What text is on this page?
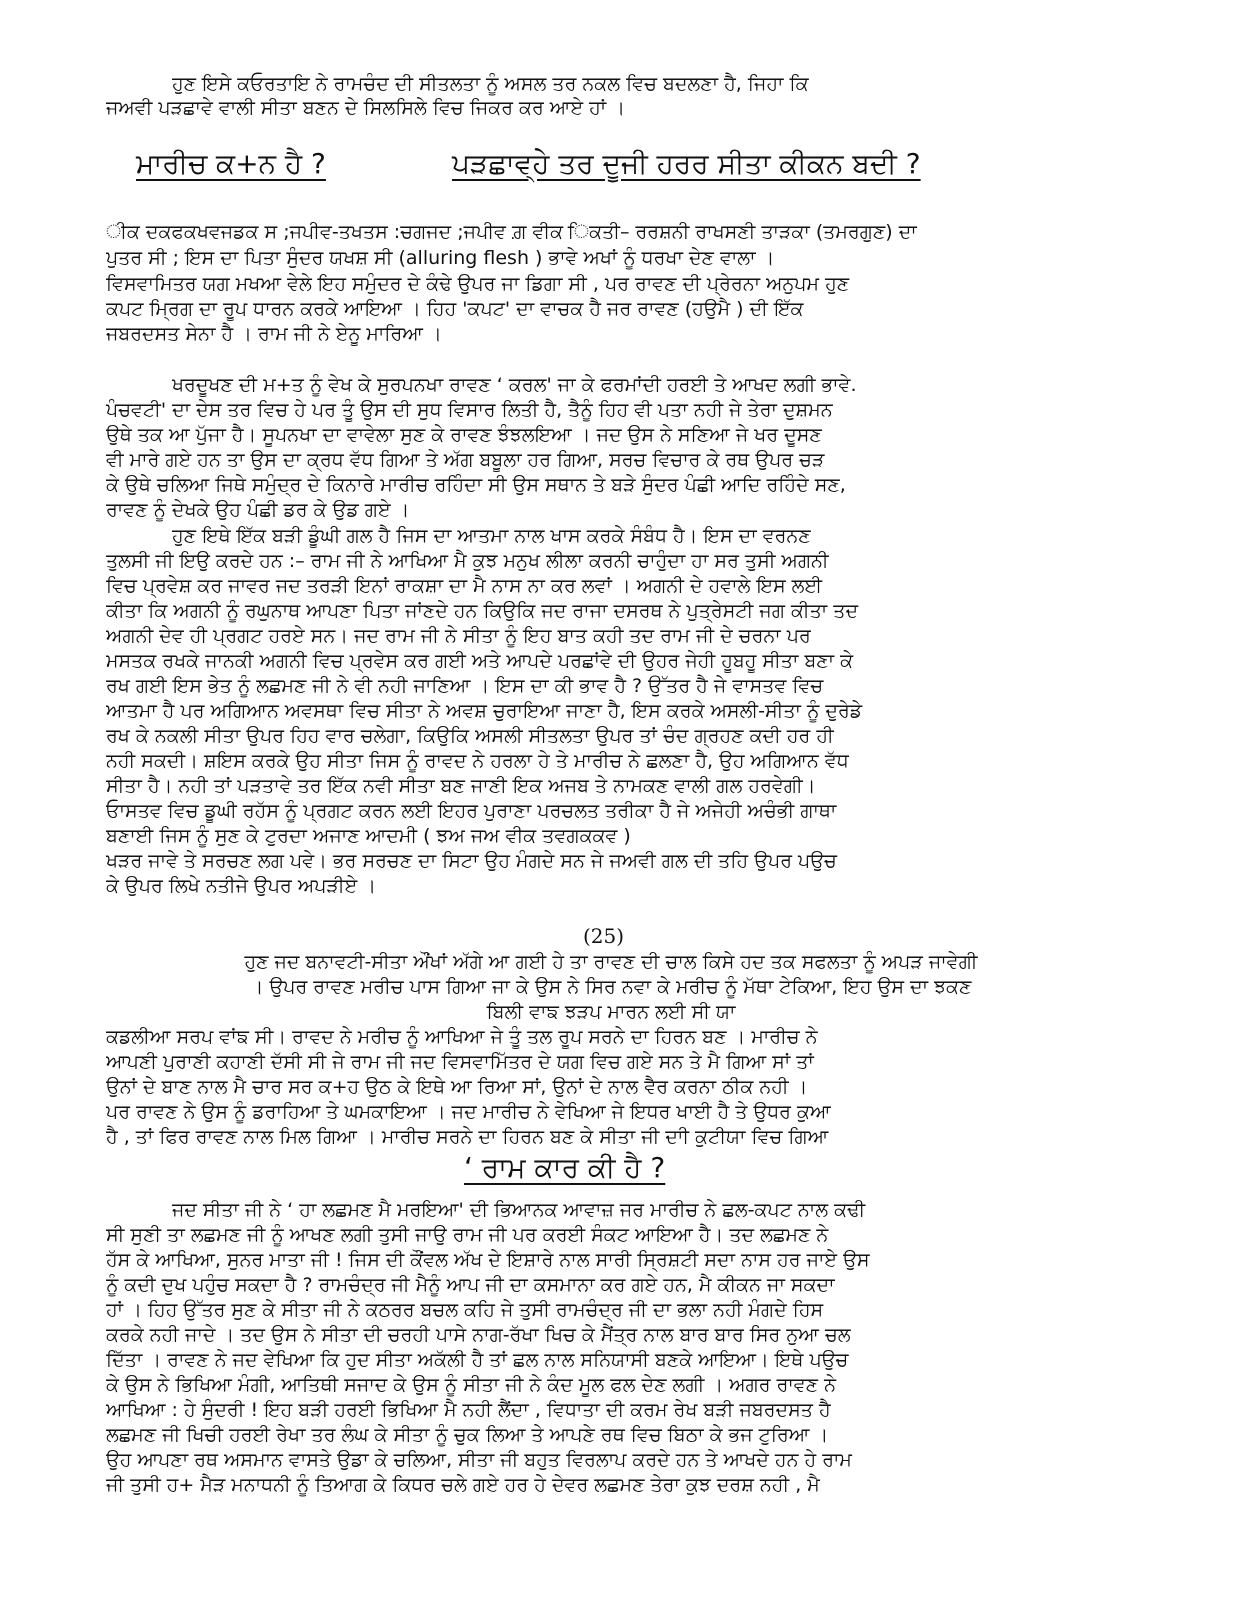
ਹੁਣ ਇਸੇ ਕਓਰਤਾਇ ਨੇ ਰਾਮਚੰਦ ਦੀ ਸੀਤਲਤਾ ਨੂੰ ਅਸਲ ਤਰ ਨਕਲ ਵਿਚ ਬਦਲਣਾ ਹੈ, ਜਿਹਾ ਕਿ
ਜਅਵੀ ਪੜਛਾਵੇ ਵਾਲੀ ਸੀਤਾ ਬਣਨ ਦੇ ਸਿਲਸਿਲੇ ਵਿਚ ਜਿਕਰ ਕਰ ਆਏ ਹਾਂ ।
ਮਾਰੀਚ ਕ+ਨ ਹੈ ?	ਪੜਛਾਵ੍ਹੇ ਤਰ ਦੂਜੀ ਹਰਰ ਸੀਤਾ ਕੀਕਨ ਬਦੀ ?
ੀਕ ਦਕਫਕਖਵਜਡਕ ਸ ;ਜਪੀਵ-ਤਖਤਸ :ਚਗਜਦ ;ਜਪੀਵ ਗ਼ ਵੀਕ ਿਕਤੀ– ਰਰਸ਼ਨੀ ਰਾਖਸਣੀ ਤਾੜਕਾ (ਤਮਰਗੁਣ) ਦਾ
ਪੁਤਰ ਸੀ ; ਇਸ ਦਾ ਪਿਤਾ ਸੁੰਦਰ ਯਖਸ਼ ਸੀ (alluring flesh ) ਭਾਵੇ ਅਖਾਂ ਨੂੰ ਧਰਖਾ ਦੇਣ ਵਾਲਾ ।
ਵਿਸਵਾਮਿਤਰ ਯਗ ਮਖਆ ਵੇਲੇ ਇਹ ਸਮੁੰਦਰ ਦੇ ਕੰਢੇ ਉਪਰ ਜਾ ਡਿਗਾ ਸੀ , ਪਰ ਰਾਵਣ ਦੀ ਪ੍ਰੇਰਨਾ ਅਨੁਪਮ ਹੁਣ
ਕਪਟ ਮ੍ਰਿਗ ਦਾ ਰੂਪ ਧਾਰਨ ਕਰਕੇ ਆਇਆ । ਹਿਹ 'ਕਪਟ' ਦਾ ਵਾਚਕ ਹੈ ਜਰ ਰਾਵਣ (ਹਉਮੈ ) ਦੀ ਇੱਕ
ਜਬਰਦਸਤ ਸੇਨਾ ਹੈ । ਰਾਮ ਜੀ ਨੇ ਏਨੂ ਮਾਰਿਆ ।
ਖਰਦੂਖਣ ਦੀ ਮ+ਤ ਨੂੰ ਵੇਖ ਕੇ ਸੁਰਪਨਖਾ ਰਾਵਣ ‘ ਕਰਲ' ਜਾ ਕੇ ਫਰਮਾਂਦੀ ਹਰਈ ਤੇ ਆਖਦ ਲਗੀ ਭਾਵੇ.
ਪੰਚਵਟੀ' ਦਾ ਦੇਸ ਤਰ ਵਿਚ ਹੇ ਪਰ ਤੂੰ ਉਸ ਦੀ ਸੁਧ ਵਿਸਾਰ ਲਿਤੀ ਹੈ, ਤੈਨੂੰ ਹਿਹ ਵੀ ਪਤਾ ਨਹੀ ਜੇ ਤੇਰਾ ਦੁਸ਼ਮਨ
ਉਥੇ ਤਕ ਆ ਪੁੱਜਾ ਹੈ। ਸੂਪਨਖਾ ਦਾ ਵਾਵੇਲਾ ਸੁਣ ਕੇ ਰਾਵਣ ਝੰਝਲਇਆ । ਜਦ ਉਸ ਨੇ ਸਣਿਆ ਜੇ ਖਰ ਦੂਸਣ
ਵੀ ਮਾਰੇ ਗਏ ਹਨ ਤਾ ਉਸ ਦਾ ਕ੍ਰਧ ਵੱਧ ਗਿਆ ਤੇ ਅੱਗ ਬਬੂਲਾ ਹਰ ਗਿਆ, ਸਰਚ ਵਿਚਾਰ ਕੇ ਰਥ ਉਪਰ ਚੜ
ਕੇ ਉਥੇ ਚਲਿਆ ਜਿਥੇ ਸਮੁੰਦ੍ਰ ਦੇ ਕਿਨਾਰੇ ਮਾਰੀਚ ਰਹਿੰਦਾ ਸੀ ਉਸ ਸਥਾਨ ਤੇ ਬੜੇ ਸੁੰਦਰ ਪੰਛੀ ਆਦਿ ਰਹਿੰਦੇ ਸਣ,
ਰਾਵਣ ਨੂੰ ਦੇਖਕੇ ਉਹ ਪੰਛੀ ਡਰ ਕੇ ਉਡ ਗਏ ।
ਹੁਣ ਇਥੇ ਇੱਕ ਬੜੀ ਡੂੰਘੀ ਗਲ ਹੈ ਜਿਸ ਦਾ ਆਤਮਾ ਨਾਲ ਖਾਸ ਕਰਕੇ ਸੰਬੰਧ ਹੈ। ਇਸ ਦਾ ਵਰਨਣ
ਤੁਲਸੀ ਜੀ ਇਉ ਕਰਦੇ ਹਨ :– ਰਾਮ ਜੀ ਨੇ ਆਖਿਆ ਮੈ ਕੁਝ ਮਨੁਖ ਲੀਲਾ ਕਰਨੀ ਚਾਹੁੰਦਾ ਹਾ ਸਰ ਤੁਸੀ ਅਗਨੀ
ਵਿਚ ਪ੍ਰਵੇਸ਼ ਕਰ ਜਾਵਰ ਜਦ ਤਰੜੀ ਇਨਾਂ ਰਾਕਸ਼ਾ ਦਾ ਮੈ ਨਾਸ ਨਾ ਕਰ ਲਵਾਂ । ਅਗਨੀ ਦੇ ਹਵਾਲੇ ਇਸ ਲਈ
ਕੀਤਾ ਕਿ ਅਗਨੀ ਨੂੰ ਰਘੁਨਾਥ ਆਪਣਾ ਪਿਤਾ ਜਾਂਣਦੇ ਹਨ ਕਿਉਕਿ ਜਦ ਰਾਜਾ ਦਸਰਥ ਨੇ ਪੁਤ੍ਰੇਸਟੀ ਜਗ ਕੀਤਾ ਤਦ
ਅਗਨੀ ਦੇਵ ਹੀ ਪ੍ਰਗਟ ਹਰਏ ਸਨ। ਜਦ ਰਾਮ ਜੀ ਨੇ ਸੀਤਾ ਨੂੰ ਇਹ ਬਾਤ ਕਹੀ ਤਦ ਰਾਮ ਜੀ ਦੇ ਚਰਨਾ ਪਰ
ਮਸਤਕ ਰਖਕੇ ਜਾਨਕੀ ਅਗਨੀ ਵਿਚ ਪ੍ਰਵੇਸ ਕਰ ਗਈ ਅਤੇ ਆਪਦੇ ਪਰਛਾਂਵੇ ਦੀ ਉਹਰ ਜੇਹੀ ਹੂਬਹੂ ਸੀਤਾ ਬਣਾ ਕੇ
ਰਖ ਗਈ ਇਸ ਭੇਤ ਨੂੰ ਲਛਮਣ ਜੀ ਨੇ ਵੀ ਨਹੀ ਜਾਣਿਆ । ਇਸ ਦਾ ਕੀ ਭਾਵ ਹੈ ? ਉੱਤਰ ਹੈ ਜੇ ਵਾਸਤਵ ਵਿਚ
ਆਤਮਾ ਹੈ ਪਰ ਅਗਿਆਨ ਅਵਸਥਾ ਵਿਚ ਸੀਤਾ ਨੇ ਅਵਸ਼ ਚੁਰਾਇਆ ਜਾਣਾ ਹੈ, ਇਸ ਕਰਕੇ ਅਸਲੀ-ਸੀਤਾ ਨੂੰ ਦੁਰੇਡੇ
ਰਖ ਕੇ ਨਕਲੀ ਸੀਤਾ ਉਪਰ ਹਿਹ ਵਾਰ ਚਲੇਗਾ, ਕਿਉਕਿ ਅਸਲੀ ਸੀਤਲਤਾ ਉਪਰ ਤਾਂ ਚੰਦ ਗ੍ਰਹਣ ਕਦੀ ਹਰ ਹੀ
ਨਹੀ ਸਕਦੀ। ਸ਼ਇਸ ਕਰਕੇ ਉਹ ਸੀਤਾ ਜਿਸ ਨੂੰ ਰਾਵਦ ਨੇ ਹਰਲਾ ਹੇ ਤੇ ਮਾਰੀਚ ਨੇ ਛਲਣਾ ਹੈ, ਉਹ ਅਗਿਆਨ ਵੱਧ
ਸੀਤਾ ਹੈ। ਨਹੀ ਤਾਂ ਪੜਤਾਵੇ ਤਰ ਇੱਕ ਨਵੀ ਸੀਤਾ ਬਣ ਜਾਣੀ ਇਕ ਅਜਬ ਤੇ ਨਾਮਕਣ ਵਾਲੀ ਗਲ ਹਰਵੇਗੀ।
ਓਾਸਤਵ ਵਿਚ ਡੂਘੀ ਰਹੱਸ ਨੂੰ ਪ੍ਰਗਟ ਕਰਨ ਲਈ ਇਹਰ ਪੁਰਾਣਾ ਪਰਚਲਤ ਤਰੀਕਾ ਹੈ ਜੇ ਅਜੇਹੀ ਅਚੰਭੀ ਗਾਥਾ
ਬਣਾਈ ਜਿਸ ਨੂੰ ਸੁਣ ਕੇ ਟੁਰਦਾ ਅਜਾਣ ਆਦਮੀ ( ਝਅ ਜਅ ਵੀਕ ਤਵਗਕਕਵ )
ਖੜਰ ਜਾਵੇ ਤੇ ਸਰਚਣ ਲਗ ਪਵੇ। ਭਰ ਸਰਚਣ ਦਾ ਸਿਟਾ ਉਹ ਮੰਗਦੇ ਸਨ ਜੇ ਜਅਵੀ ਗਲ ਦੀ ਤਹਿ ਉਪਰ ਪਉਚ
ਕੇ ਉਪਰ ਲਿਖੇ ਨਤੀਜੇ ਉਪਰ ਅਪੜੀਏ ।
(25)
ਹੁਣ ਜਦ ਬਨਾਵਟੀ-ਸੀਤਾ ਔਂਖਾਂ ਅੱਗੇ ਆ ਗਈ ਹੇ ਤਾ ਰਾਵਣ ਦੀ ਚਾਲ ਕਿਸੇ ਹਦ ਤਕ ਸਫਲਤਾ ਨੂੰ ਅਪੜ ਜਾਵੇਗੀ
। ਉਪਰ ਰਾਵਣ ਮਰੀਚ ਪਾਸ ਗਿਆ ਜਾ ਕੇ ਉਸ ਨੇ ਸਿਰ ਨਵਾ ਕੇ ਮਰੀਚ ਨੂੰ ਮੱਥਾ ਟੇਕਿਆ, ਇਹ ਉਸ ਦਾ ਝਕਣ
ਬਿਲੀ ਵਾਙ ਝੜਪ ਮਾਰਨ ਲਈ ਸੀ ਯਾ
ਕਡਲੀਆ ਸਰਪ ਵਾਂਙ ਸੀ। ਰਾਵਦ ਨੇ ਮਰੀਚ ਨੂੰ ਆਖਿਆ ਜੇ ਤੂੰ ਤਲ ਰੂਪ ਸਰਨੇ ਦਾ ਹਿਰਨ ਬਣ । ਮਾਰੀਚ ਨੇ
ਆਪਣੀ ਪੁਰਾਣੀ ਕਹਾਣੀ ਦੱਸੀ ਸੀ ਜੇ ਰਾਮ ਜੀ ਜਦ ਵਿਸਵਾਮਿੱਤਰ ਦੇ ਯਗ ਵਿਚ ਗਏ ਸਨ ਤੇ ਮੈ ਗਿਆ ਸਾਂ ਤਾਂ
ਉਨਾਂ ਦੇ ਬਾਣ ਨਾਲ ਮੈ ਚਾਰ ਸਰ ਕ+ਹ ਉਠ ਕੇ ਇਥੇ ਆ ਰਿਆ ਸਾਂ, ਉਨਾਂ ਦੇ ਨਾਲ ਵੈਰ ਕਰਨਾ ਠੀਕ ਨਹੀ ।
ਪਰ ਰਾਵਣ ਨੇ ਉਸ ਨੂੰ ਡਰਾਹਿਆ ਤੇ ਘਮਕਾਇਆ । ਜਦ ਮਾਰੀਚ ਨੇ ਵੇਖਿਆ ਜੇ ਇਧਰ ਖਾਈ ਹੈ ਤੇ ਉਧਰ ਕੁਆ
ਹੈ , ਤਾਂ ਫਿਰ ਰਾਵਣ ਨਾਲ ਮਿਲ ਗਿਆ । ਮਾਰੀਚ ਸਰਨੇ ਦਾ ਹਿਰਨ ਬਣ ਕੇ ਸੀਤਾ ਜੀ ਦਾੀ ਕੁਟੀਯਾ ਵਿਚ ਗਿਆ
‘ ਰਾਮ ਕਾਰ ਕੀ ਹੈ ?
ਜਦ ਸੀਤਾ ਜੀ ਨੇ ‘ ਹਾ ਲਛਮਣ ਮੈ ਮਰਇਆ' ਦੀ ਭਿਆਨਕ ਆਵਾਜ਼ ਜਰ ਮਾਰੀਚ ਨੇ ਛਲ-ਕਪਟ ਨਾਲ ਕਢੀ
ਸੀ ਸੁਣੀ ਤਾ ਲਛਮਣ ਜੀ ਨੂੰ ਆਖਣ ਲਗੀ ਤੁਸੀ ਜਾਉ ਰਾਮ ਜੀ ਪਰ ਕਰਈ ਸੰਕਟ ਆਇਆ ਹੈ। ਤਦ ਲਛਮਣ ਨੇ
ਹੱਸ ਕੇ ਆਖਿਆ, ਸੁਨਰ ਮਾਤਾ ਜੀ ! ਜਿਸ ਦੀ ਕੌਂਵਲ ਅੱਖ ਦੇ ਇਸ਼ਾਰੇ ਨਾਲ ਸਾਰੀ ਸ੍ਰਿਸ਼ਟੀ ਸਦਾ ਨਾਸ ਹਰ ਜਾਏ ਉਸ
ਨੂੰ ਕਦੀ ਦੁਖ ਪਹੁੰਚ ਸਕਦਾ ਹੈ ? ਰਾਮਚੰਦ੍ਰ ਜੀ ਮੈਨੂੰ ਆਪ ਜੀ ਦਾ ਕਸਮਾਨਾ ਕਰ ਗਏ ਹਨ, ਮੈ ਕੀਕਨ ਜਾ ਸਕਦਾ
ਹਾਂ । ਹਿਹ ਉੱਤਰ ਸੁਣ ਕੇ ਸੀਤਾ ਜੀ ਨੇ ਕਠਰਰ ਬਚਲ ਕਹਿ ਜੇ ਤੁਸੀ ਰਾਮਚੰਦ੍ਰ ਜੀ ਦਾ ਭਲਾ ਨਹੀ ਮੰਗਦੇ ਹਿਸ
ਕਰਕੇ ਨਹੀ ਜਾਦੇ । ਤਦ ਉਸ ਨੇ ਸੀਤਾ ਦੀ ਚਰਹੀ ਪਾਸੇ ਨਾਗ-ਰੱਖਾ ਖਿਚ ਕੇ ਮੈਂਤ੍ਰ ਨਾਲ ਬਾਰ ਬਾਰ ਸਿਰ ਨੁਆ ਚਲ
ਦਿੱਤਾ । ਰਾਵਣ ਨੇ ਜਦ ਵੇਖਿਆ ਕਿ ਹੁਦ ਸੀਤਾ ਅਕੱਲੀ ਹੈ ਤਾਂ ਛਲ ਨਾਲ ਸਨਿਯਾਸੀ ਬਣਕੇ ਆਇਆ। ਇਥੇ ਪਉਚ
ਕੇ ਉਸ ਨੇ ਭਿਖਿਆ ਮੰਗੀ, ਆਤਿਥੀ ਸਜਾਦ ਕੇ ਉਸ ਨੂੰ ਸੀਤਾ ਜੀ ਨੇ ਕੰਦ ਮੂਲ ਫਲ ਦੇਣ ਲਗੀ । ਅਗਰ ਰਾਵਣ ਨੇ
ਆਖਿਆ : ਹੇ ਸੁੰਦਰੀ ! ਇਹ ਬੜੀ ਹਰਈ ਭਿਖਿਆ ਮੈ ਨਹੀ ਲੈਂਦਾ , ਵਿਧਾਤਾ ਦੀ ਕਰਮ ਰੇਖ ਬੜੀ ਜਬਰਦਸਤ ਹੈ
ਲਛਮਣ ਜੀ ਖਿਚੀ ਹਰਈ ਰੇਖਾ ਤਰ ਲੰਘ ਕੇ ਸੀਤਾ ਨੂੰ ਚੁਕ ਲਿਆ ਤੇ ਆਪਣੇ ਰਥ ਵਿਚ ਬਿਠਾ ਕੇ ਭਜ ਟੁਰਿਆ ।
ਉਹ ਆਪਣਾ ਰਥ ਅਸਮਾਨ ਵਾਸਤੇ ਉਡਾ ਕੇ ਚਲਿਆ, ਸੀਤਾ ਜੀ ਬਹੁਤ ਵਿਰਲਾਪ ਕਰਦੇ ਹਨ ਤੇ ਆਖਦੇ ਹਨ ਹੇ ਰਾਮ
ਜੀ ਤੁਸੀ ਹ+ ਮੈੜ ਮਨਾਧਨੀ ਨੂੰ ਤਿਆਗ ਕੇ ਕਿਧਰ ਚਲੇ ਗਏ ਹਰ ਹੇ ਦੇਵਰ ਲਛਮਣ ਤੇਰਾ ਕੁਝ ਦਰਸ਼ ਨਹੀ , ਮੈ
